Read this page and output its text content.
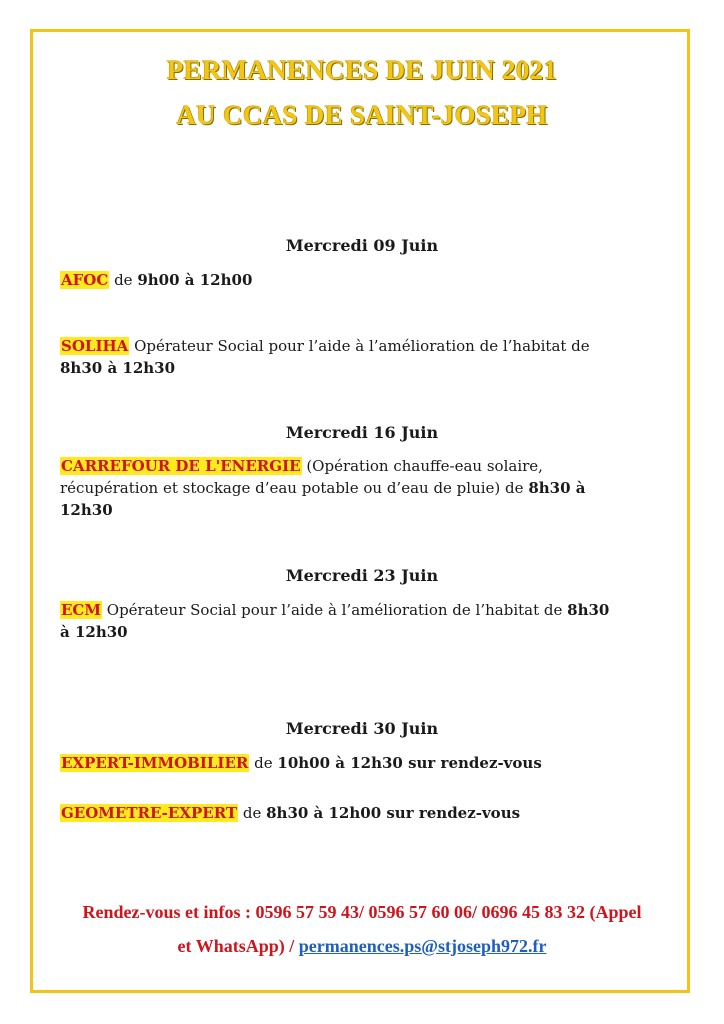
PERMANENCES DE JUIN 2021
AU CCAS DE SAINT-JOSEPH
Mercredi 09 Juin
AFOC de 9h00 à 12h00
SOLIHA Opérateur Social pour l’aide à l’amélioration de l’habitat de
8h30 à 12h30
Mercredi 16 Juin
CARREFOUR DE L'ENERGIE (Opération chauffe-eau solaire,
récupération et stockage d’eau potable ou d’eau de pluie) de 8h30 à
12h30
Mercredi 23 Juin
ECM Opérateur Social pour l’aide à l’amélioration de l’habitat de 8h30
à 12h30
Mercredi 30 Juin
EXPERT-IMMOBILIER de 10h00 à 12h30 sur rendez-vous
GEOMETRE-EXPERT de 8h30 à 12h00 sur rendez-vous
Rendez-vous et infos : 0596 57 59 43/ 0596 57 60 06/ 0696 45 83 32 (Appel
et WhatsApp) / permanences.ps@stjoseph972.fr
